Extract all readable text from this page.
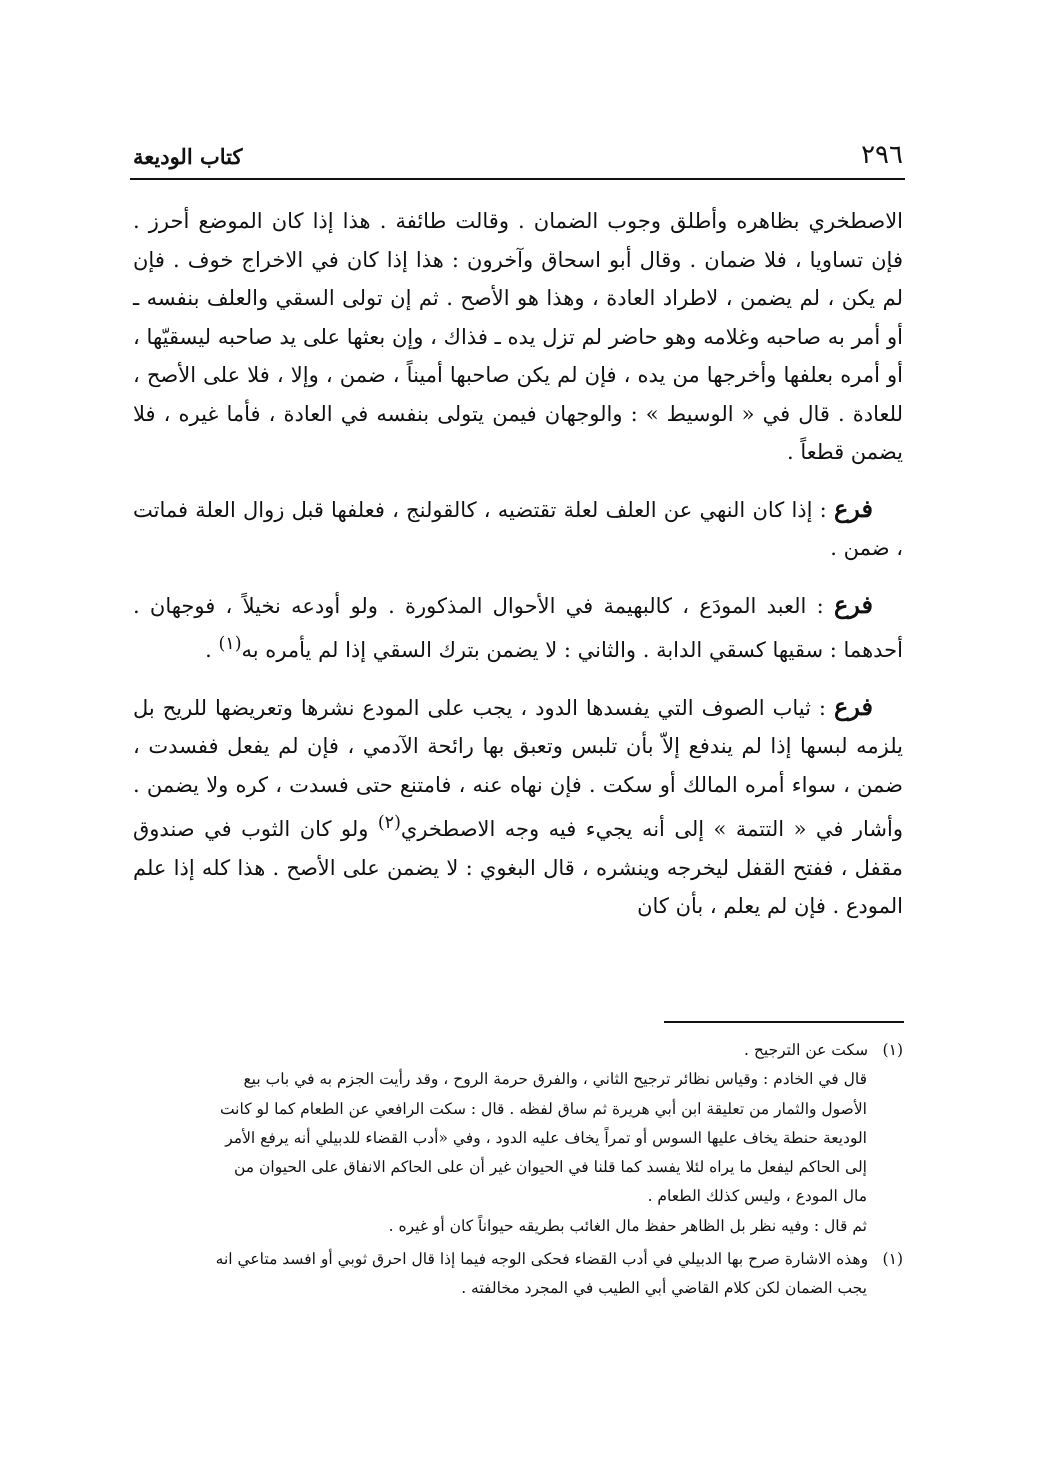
٢٩٦
كتاب الوديعة

الاصطخري بظاهره وأطلق وجوب الضمان . وقالت طائفة . هذا إذا كان الموضع أحرز . فإن تساويا ، فلا ضمان . وقال أبو اسحاق وآخرون : هذا إذا كان في الاخراج خوف . فإن لم يكن ، لم يضمن ، لاطراد العادة ، وهذا هو الأصح . ثم إن تولى السقي والعلف بنفسه ـ أو أمر به صاحبه وغلامه وهو حاضر لم تزل يده ـ فذاك ، وإن بعثها على يد صاحبه ليسقيّها ، أو أمره بعلفها وأخرجها من يده ، فإن لم يكن صاحبها أميناً ، ضمن ، وإلا ، فلا على الأصح ، للعادة . قال في « الوسيط » : والوجهان فيمن يتولى بنفسه في العادة ، فأما غيره ، فلا يضمن قطعاً .

فرع : إذا كان النهي عن العلف لعلة تقتضيه ، كالقولنج ، فعلفها قبل زوال العلة فماتت ، ضمن .

فرع : العبد المودَع ، كالبهيمة في الأحوال المذكورة . ولو أودعه نخيلاً ، فوجهان . أحدهما : سقيها كسقي الدابة . والثاني : لا يضمن بترك السقي إذا لم يأمره به$^{(١)}$ .

فرع : ثياب الصوف التي يفسدها الدود ، يجب على المودع نشرها وتعريضها للريح بل يلزمه لبسها إذا لم يندفع إلاّ بأن تلبس وتعبق بها رائحة الآدمي ، فإن لم يفعل ففسدت ، ضمن ، سواء أمره المالك أو سكت . فإن نهاه عنه ، فامتنع حتى فسدت ، كره ولا يضمن . وأشار في « التتمة » إلى أنه يجيء فيه وجه الاصطخري$^{(٢)}$ ولو كان الثوب في صندوق مقفل ، ففتح القفل ليخرجه وينشره ، قال البغوي : لا يضمن على الأصح . هذا كله إذا علم المودع . فإن لم يعلم ، بأن كان

(١) سكت عن الترجيح .

قال في الخادم : وقياس نظائر ترجيح الثاني ، والفرق حرمة الروح ، وقد رأيت الجزم به في باب بيع

الأصول والثمار من تعليقة ابن أبي هريرة ثم ساق لفظه . قال : سكت الرافعي عن الطعام كما لو كانت

الوديعة حنطة يخاف عليها السوس أو تمراً يخاف عليه الدود ، وفي «أدب القضاء للدبيلي أنه يرفع الأمر

إلى الحاكم ليفعل ما يراه لئلا يفسد كما قلنا في الحيوان غير أن على الحاكم الانفاق على الحيوان من

مال المودع ، وليس كذلك الطعام .

ثم قال : وفيه نظر بل الظاهر حفظ مال الغائب بطريقه حيواناً كان أو غيره .

(١) وهذه الاشارة صرح بها الدبيلي في أدب القضاء فحكى الوجه فيما إذا قال احرق ثوبي أو افسد متاعي انه

يجب الضمان لكن كلام القاضي أبي الطيب في المجرد مخالفته .
